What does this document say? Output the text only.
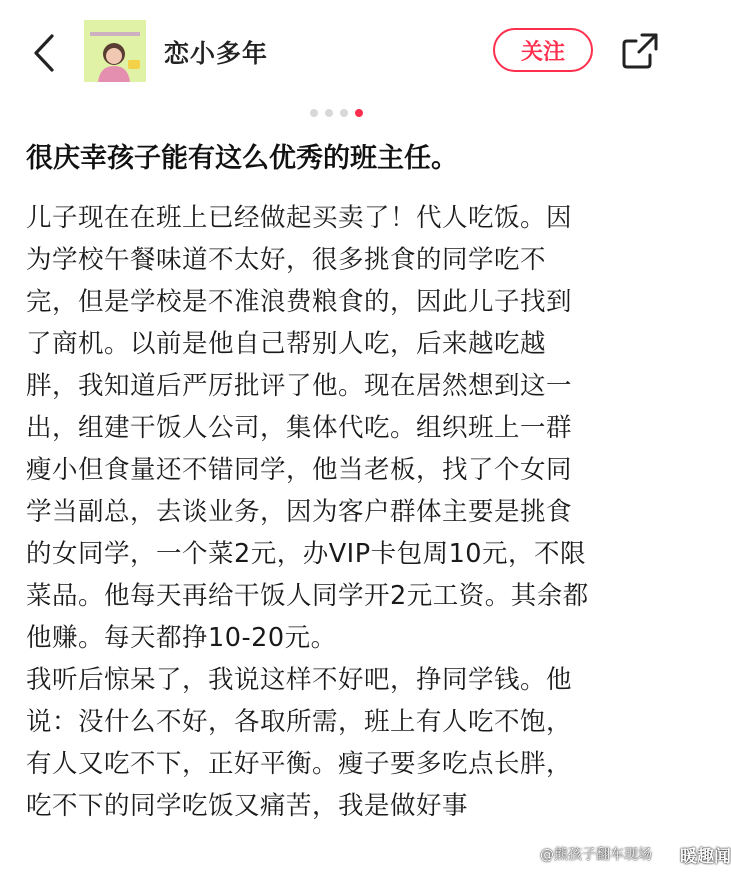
恋小多年	关注
很庆幸孩子能有这么优秀的班主任。
儿子现在在班上已经做起买卖了！代人吃饭。因
为学校午餐味道不太好，很多挑食的同学吃不
完，但是学校是不准浪费粮食的，因此儿子找到
了商机。以前是他自己帮别人吃，后来越吃越
胖，我知道后严厉批评了他。现在居然想到这一
出，组建干饭人公司，集体代吃。组织班上一群
瘦小但食量还不错同学，他当老板，找了个女同
学当副总，去谈业务，因为客户群体主要是挑食
的女同学，一个菜2元，办VIP卡包周10元，不限
菜品。他每天再给干饭人同学开2元工资。其余都
他赚。每天都挣10-20元。
我听后惊呆了，我说这样不好吧，挣同学钱。他
说：没什么不好，各取所需，班上有人吃不饱，
有人又吃不下，正好平衡。瘦子要多吃点长胖，
吃不下的同学吃饭又痛苦，我是做好事
@熊孩子翻车现场 暖趣闻
